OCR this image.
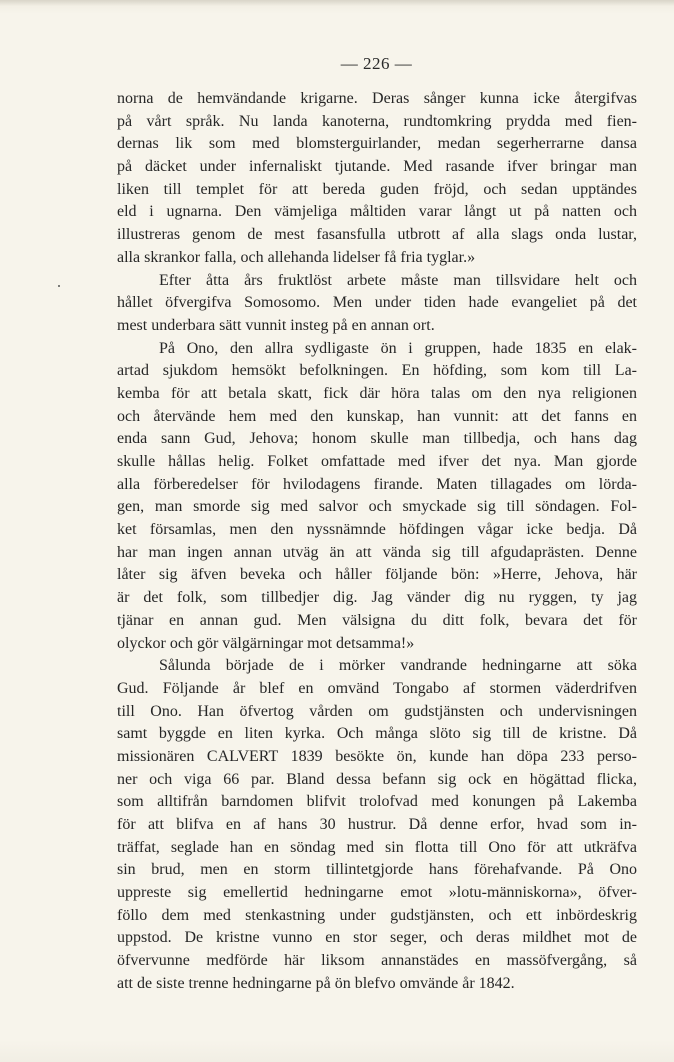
— 226 —
norna de hemvändande krigarne. Deras sånger kunna icke återgifvas
på vårt språk. Nu landa kanoterna, rundtomkring prydda med fien-
dernas lik som med blomsterguirlander, medan segerherrarne dansa
på däcket under infernaliskt tjutande. Med rasande ifver bringar man
liken till templet för att bereda guden fröjd, och sedan upptändes
eld i ugnarna. Den vämjeliga måltiden varar långt ut på natten och
illustreras genom de mest fasansfulla utbrott af alla slags onda lustar,
alla skrankor falla, och allehanda lidelser få fria tyglar.»
Efter åtta års fruktlöst arbete måste man tillsvidare helt och
hållet öfvergifva Somosomo. Men under tiden hade evangeliet på det
mest underbara sätt vunnit insteg på en annan ort.
På Ono, den allra sydligaste ön i gruppen, hade 1835 en elak-
artad sjukdom hemsökt befolkningen. En höfding, som kom till La-
kemba för att betala skatt, fick där höra talas om den nya religionen
och återvände hem med den kunskap, han vunnit: att det fanns en
enda sann Gud, Jehova; honom skulle man tillbedja, och hans dag
skulle hållas helig. Folket omfattade med ifver det nya. Man gjorde
alla förberedelser för hvilodagens firande. Maten tillagades om lörda-
gen, man smorde sig med salvor och smyckade sig till söndagen. Fol-
ket församlas, men den nyssnämnde höfdingen vågar icke bedja. Då
har man ingen annan utväg än att vända sig till afgudaprästen. Denne
låter sig äfven beveka och håller följande bön: »Herre, Jehova, här
är det folk, som tillbedjer dig. Jag vänder dig nu ryggen, ty jag
tjänar en annan gud. Men välsigna du ditt folk, bevara det för
olyckor och gör välgärningar mot detsamma!»
Sålunda började de i mörker vandrande hedningarne att söka
Gud. Följande år blef en omvänd Tongabo af stormen väderdrifven
till Ono. Han öfvertog vården om gudstjänsten och undervisningen
samt byggde en liten kyrka. Och många slöto sig till de kristne. Då
missionären CALVERT 1839 besökte ön, kunde han döpa 233 perso-
ner och viga 66 par. Bland dessa befann sig ock en högättad flicka,
som alltifrån barndomen blifvit trolofvad med konungen på Lakemba
för att blifva en af hans 30 hustrur. Då denne erfor, hvad som in-
träffat, seglade han en söndag med sin flotta till Ono för att utkräfva
sin brud, men en storm tillintetgjorde hans förehafvande. På Ono
uppreste sig emellertid hedningarne emot »lotu-människorna», öfver-
föllo dem med stenkastning under gudstjänsten, och ett inbördeskrig
uppstod. De kristne vunno en stor seger, och deras mildhet mot de
öfvervunne medförde här liksom annanstädes en massöfvergång, så
att de siste trenne hedningarne på ön blefvo omvände år 1842.
